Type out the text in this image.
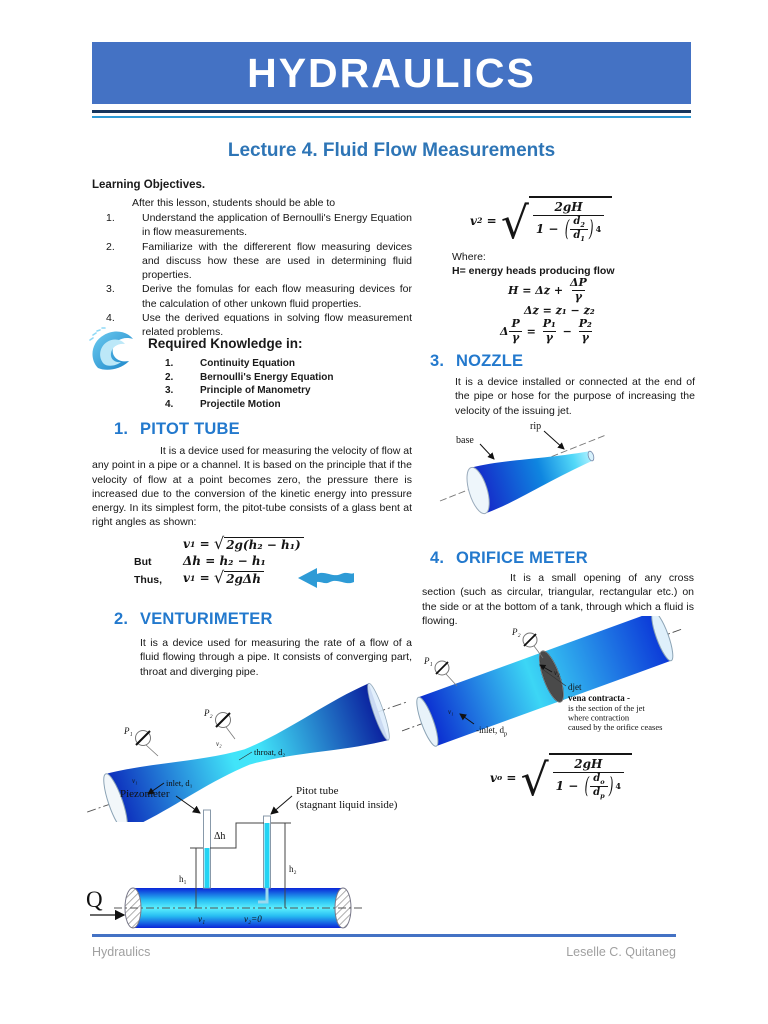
HYDRAULICS
Lecture 4. Fluid Flow Measurements
Learning Objectives.
After this lesson, students should be able to
1.	Understand the application of Bernoulli's Energy Equation in flow measurements.
2.	Familiarize with the differerent flow measuring devices and discuss how these are used in determining fluid properties.
3.	Derive the fomulas for each flow measuring devices for the calculation of other unkown fluid properties.
4.	Use the derived equations in solving flow measurement related problems.
Required Knowledge in:
1.	Continuity Equation
2.	Bernoulli's Energy Equation
3.	Principle of Manometry
4.	Projectile Motion
1. PITOT TUBE
It is a device used for measuring the velocity of flow at any point in a pipe or a channel. It is based on the principle that if the velocity of flow at a point becomes zero, the pressure there is increased due to the conversion of the kinetic energy into pressure energy. In its simplest form, the pitot-tube consists of a glass bent at right angles as shown:
v 1
=
√ 2g(h₂ − h₁)
But	Δh = h₂ − h₁
Thus, v 1
=
√ 2gΔh
2. VENTURIMETER
It is a device used for measuring the rate of a flow of a fluid flowing through a pipe. It consists of converging part, throat and diverging pipe.
P₁
P₂
v₂
v₁
throat, d₂
inlet, d₁
v 2
=
√ 2gH
1 −
( $\frac{d_2}{d_1}$ ) 4
Where:
H= energy heads producing flow
H = Δz +
$\frac{\Delta P}{\gamma}$
Δz = z₁ − z₂
Δ $\frac{P}{\gamma}$
=
$\frac{\text{P₁}}{\gamma}$
−
$\frac{\text{P₂}}{\gamma}$
3. NOZZLE
It is a device installed or connected at the end of the pipe or hose for the purpose of increasing the velocity of the issuing jet.
base
rip
4. ORIFICE METER
It is a small opening of any cross section (such as circular, triangular, rectangular etc.) on the side or at the bottom of a tank, through which a fluid is flowing.
P₁
P₂
v₂
v₁
djet
vena contracta -
is the section of the jet
where contraction
caused by the orifice ceases
-inlet, $d_p$
v o
=
√ 2gH
1 −
( $\frac{d_o}{d_p}$ ) 4
Δh
h₁
h₂
Q
v₁	v₂=0
Piezometer	Pitot tube
(stagnant liquid inside)
Hydraulics	Leselle C. Quitaneg
